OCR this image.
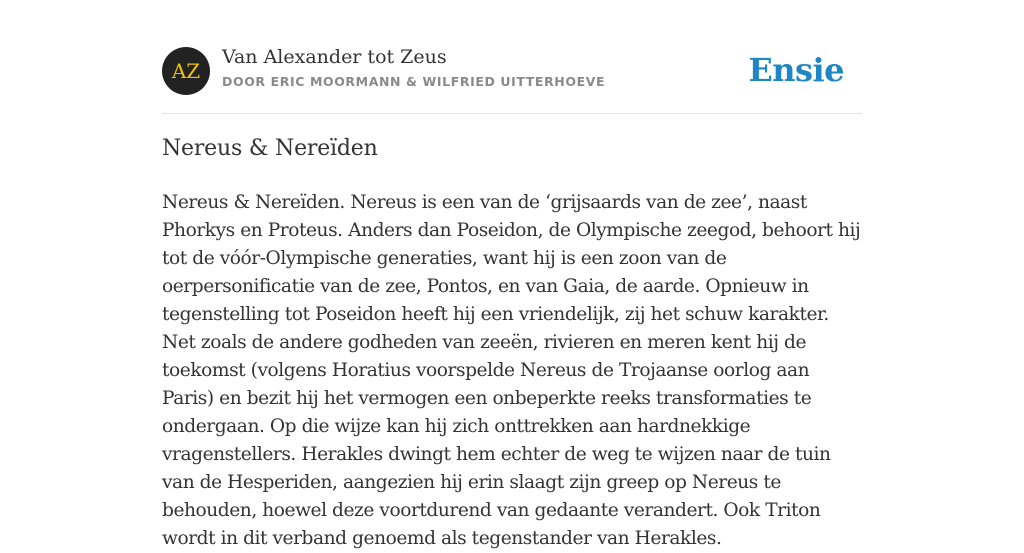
AZ
Van Alexander tot Zeus
DOOR ERIC MOORMANN & WILFRIED UITTERHOEVE	Ensie
Nereus & Nereïden

Nereus & Nereïden. Nereus is een van de ‘grijsaards van de zee’, naast Phorkys en Proteus. Anders dan Poseidon, de Olympische zeegod, behoort hij tot de vóór-Olympische generaties, want hij is een zoon van de oerpersonificatie van de zee, Pontos, en van Gaia, de aarde. Opnieuw in tegenstelling tot Poseidon heeft hij een vriendelijk, zij het schuw karakter. Net zoals de andere godheden van zeeën, rivieren en meren kent hij de toekomst (volgens Horatius voorspelde Nereus de Trojaanse oorlog aan Paris) en bezit hij het vermogen een onbeperkte reeks transformaties te ondergaan. Op die wijze kan hij zich onttrekken aan hardnekkige vragenstellers. Herakles dwingt hem echter de weg te wijzen naar de tuin van de Hesperiden, aangezien hij erin slaagt zijn greep op Nereus te behouden, hoewel deze voortdurend van gedaante verandert. Ook Triton wordt in dit verband genoemd als tegenstander van Herakles.
